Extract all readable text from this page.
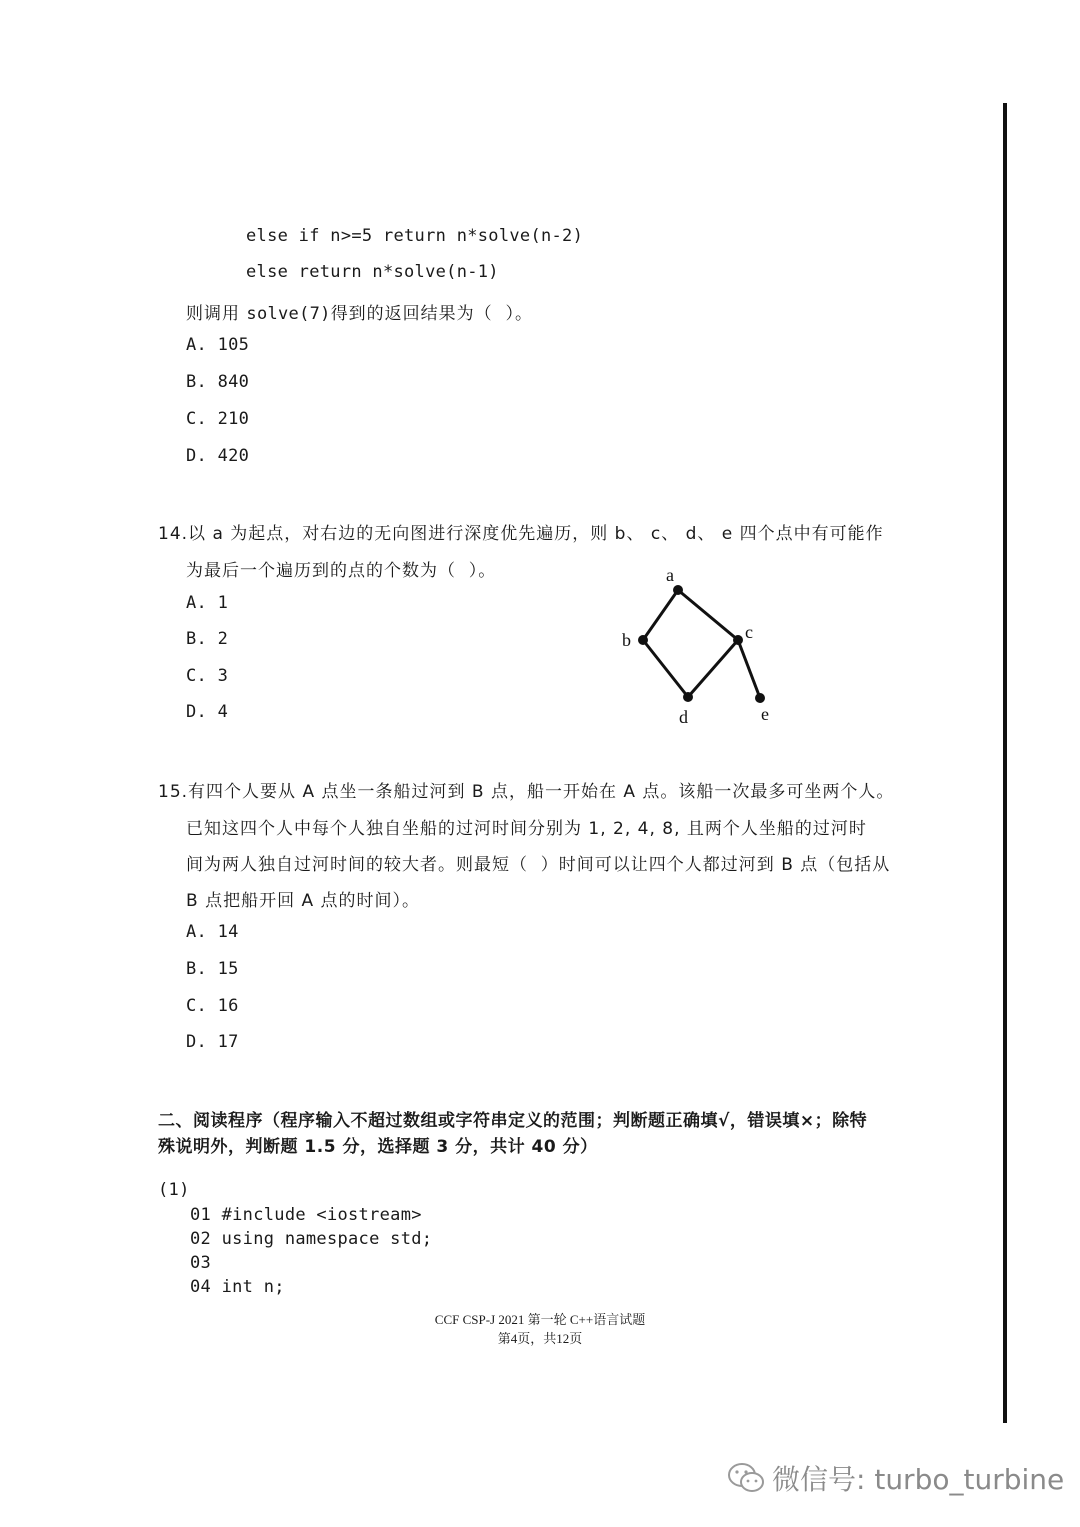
else if n>=5 return n*solve(n-2)
else return n*solve(n-1)
则调用 solve(7)得到的返回结果为（  ）。
A. 105
B. 840
C. 210
D. 420
14.以 a 为起点，对右边的无向图进行深度优先遍历，则 b、 c、 d、 e 四个点中有可能作
为最后一个遍历到的点的个数为（  ）。
A. 1
B. 2
C. 3
D. 4
a
b	c
d	e
15.有四个人要从 A 点坐一条船过河到 B 点，船一开始在 A 点。该船一次最多可坐两个人。
已知这四个人中每个人独自坐船的过河时间分别为 1, 2, 4, 8, 且两个人坐船的过河时
间为两人独自过河时间的较大者。则最短（  ）时间可以让四个人都过河到 B 点（包括从
B 点把船开回 A 点的时间）。
A. 14
B. 15
C. 16
D. 17
二、阅读程序（程序输入不超过数组或字符串定义的范围；判断题正确填√，错误填×；除特
殊说明外，判断题 1.5 分，选择题 3 分，共计 40 分）
(1)
01 #include <iostream>
02 using namespace std;
03
04 int n;
CCF CSP-J 2021 第一轮 C++语言试题
第4页，共12页
微信号: turbo_turbine
